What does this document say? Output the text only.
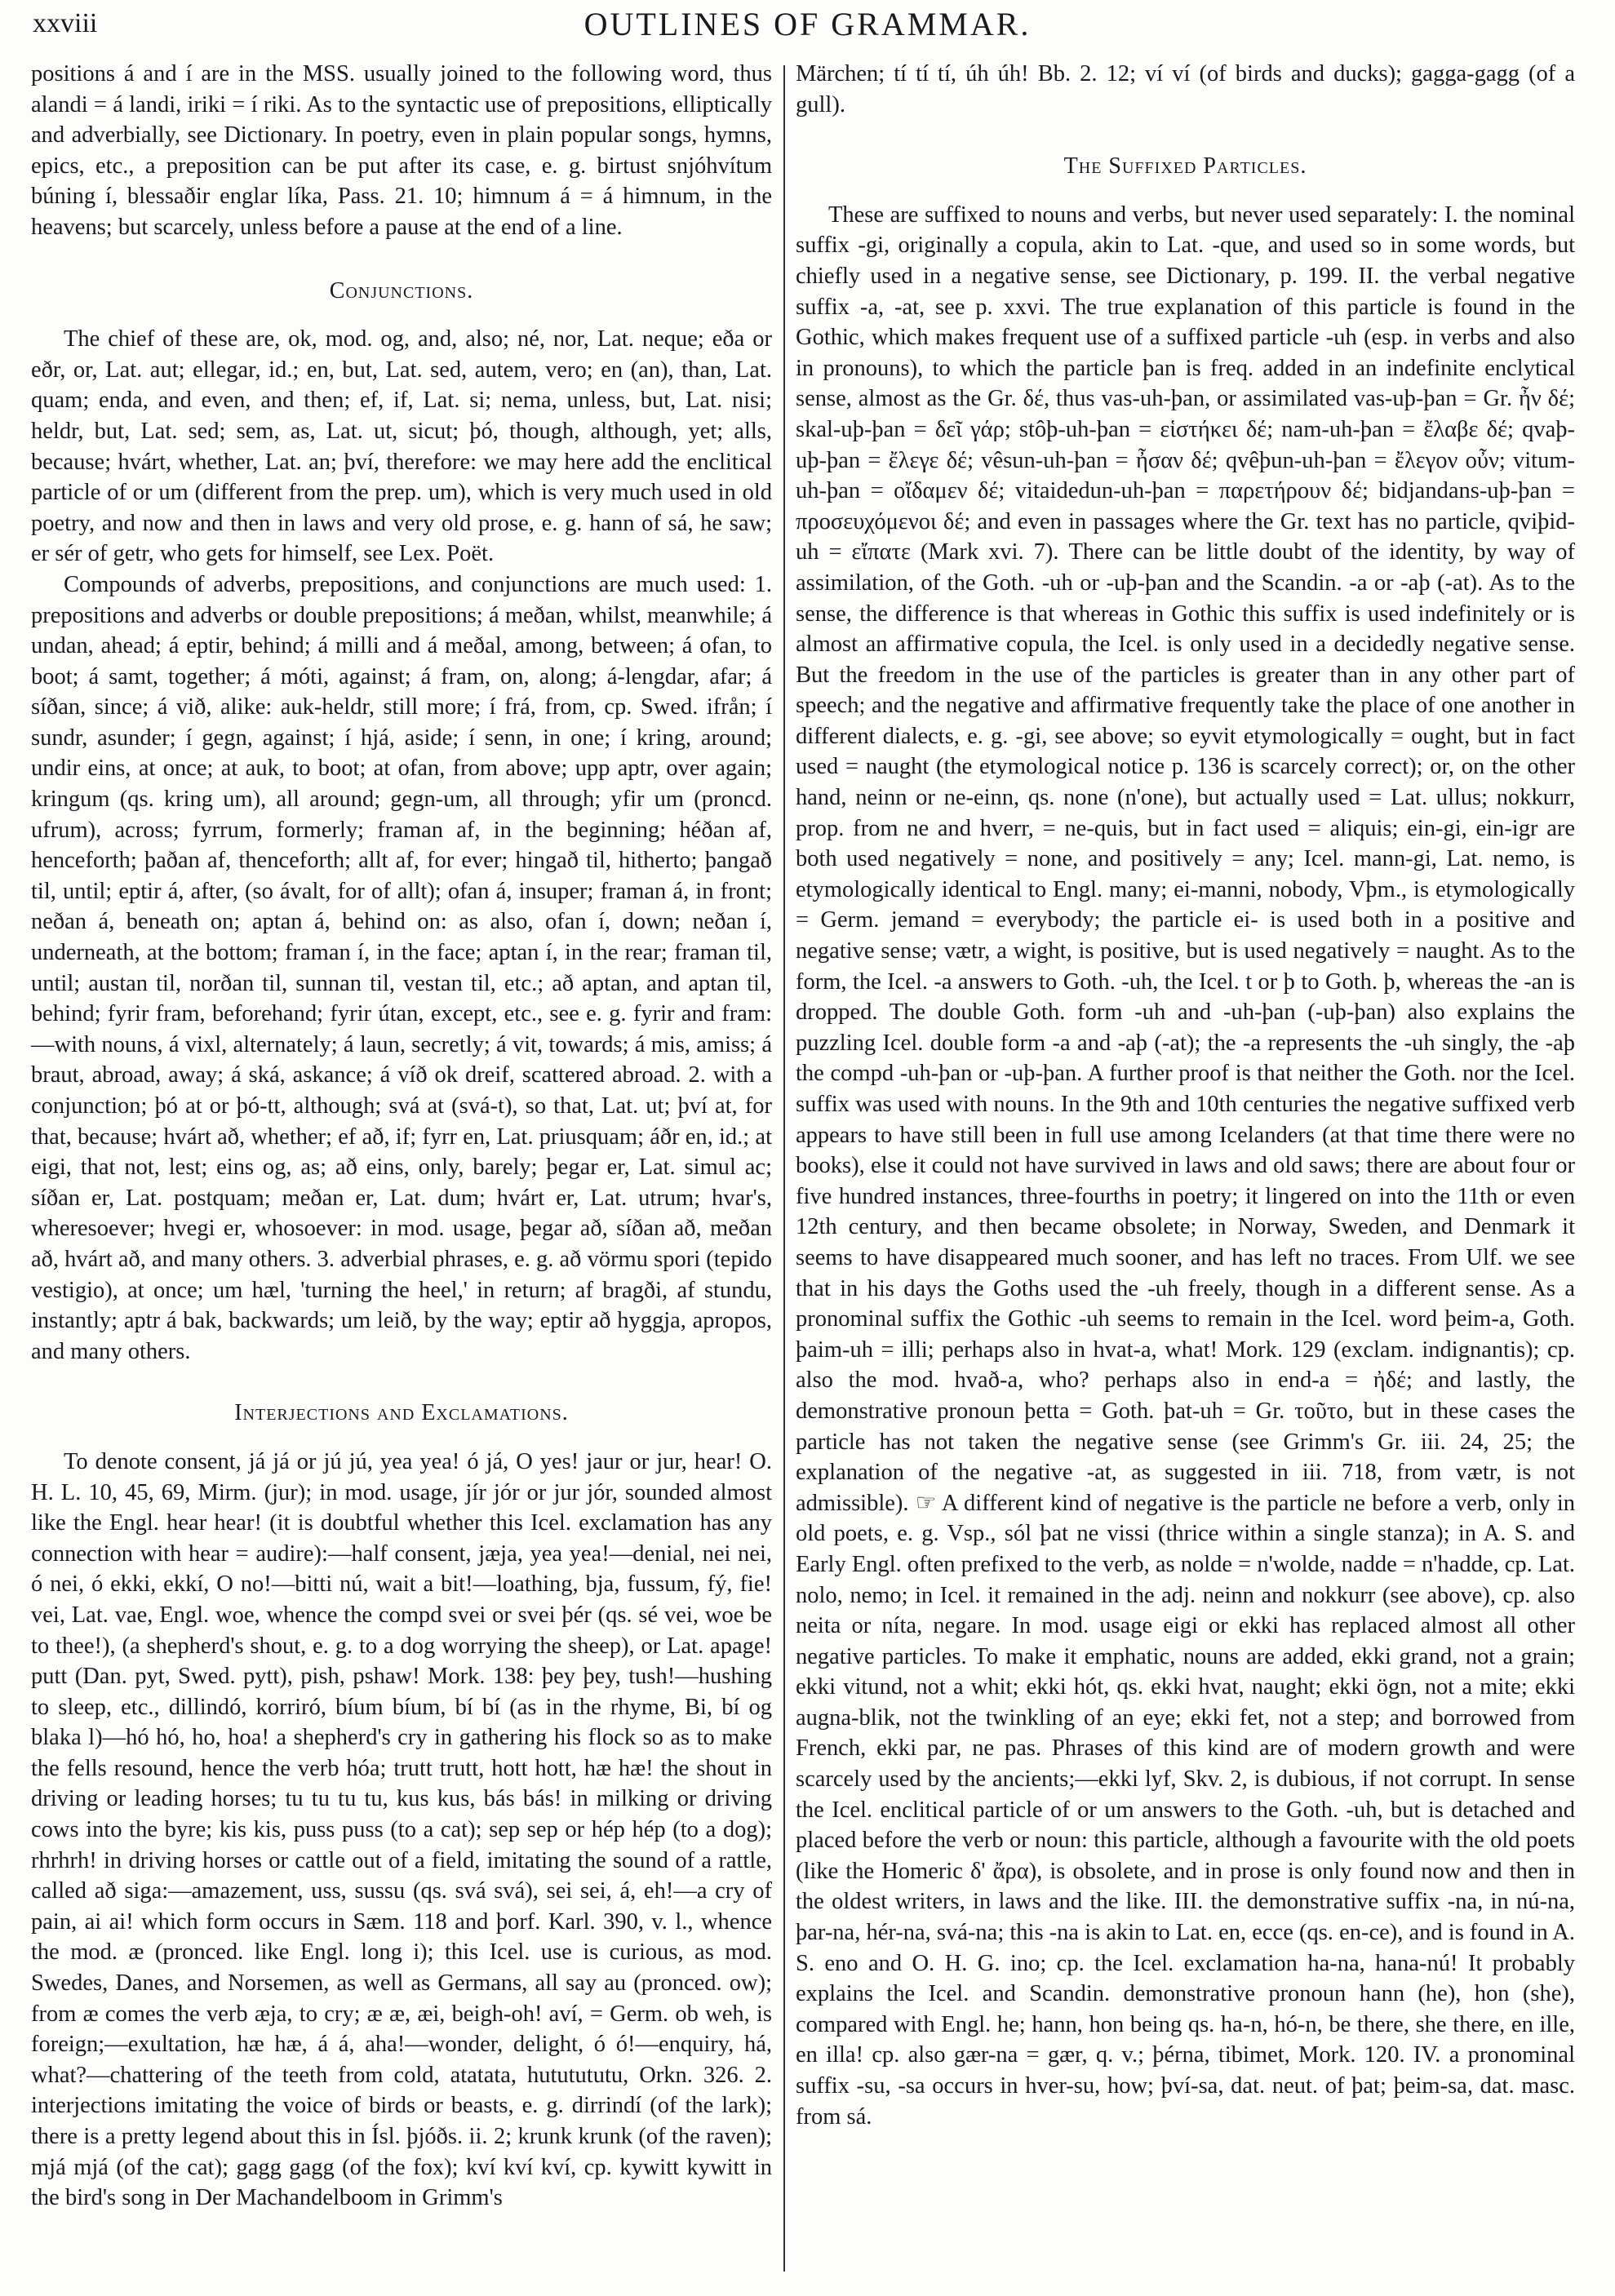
xxviii	OUTLINES OF GRAMMAR.

positions á and í are in the MSS. usually joined to the following word, thus alandi = á landi, iriki = í riki. As to the syntactic use of prepositions, elliptically and adverbially, see Dictionary. In poetry, even in plain popular songs, hymns, epics, etc., a preposition can be put after its case, e. g. birtust snjóhvítum búning í, blessaðir englar líka, Pass. 21. 10; himnum á = á himnum, in the heavens; but scarcely, unless before a pause at the end of a line.

Conjunctions.

The chief of these are, ok, mod. og, and, also; né, nor, Lat. neque; eða or eðr, or, Lat. aut; ellegar, id.; en, but, Lat. sed, autem, vero; en (an), than, Lat. quam; enda, and even, and then; ef, if, Lat. si; nema, unless, but, Lat. nisi; heldr, but, Lat. sed; sem, as, Lat. ut, sicut; þó, though, although, yet; alls, because; hvárt, whether, Lat. an; því, therefore: we may here add the enclitical particle of or um (different from the prep. um), which is very much used in old poetry, and now and then in laws and very old prose, e. g. hann of sá, he saw; er sér of getr, who gets for himself, see Lex. Poët.

Compounds of adverbs, prepositions, and conjunctions are much used: 1. prepositions and adverbs or double prepositions; á meðan, whilst, meanwhile; á undan, ahead; á eptir, behind; á milli and á meðal, among, between; á ofan, to boot; á samt, together; á móti, against; á fram, on, along; á-lengdar, afar; á síðan, since; á við, alike: auk-heldr, still more; í frá, from, cp. Swed. ifrån; í sundr, asunder; í gegn, against; í hjá, aside; í senn, in one; í kring, around; undir eins, at once; at auk, to boot; at ofan, from above; upp aptr, over again; kringum (qs. kring um), all around; gegn-um, all through; yfir um (proncd. ufrum), across; fyrrum, formerly; framan af, in the beginning; héðan af, henceforth; þaðan af, thenceforth; allt af, for ever; hingað til, hitherto; þangað til, until; eptir á, after, (so ávalt, for of allt); ofan á, insuper; framan á, in front; neðan á, beneath on; aptan á, behind on: as also, ofan í, down; neðan í, underneath, at the bottom; framan í, in the face; aptan í, in the rear; framan til, until; austan til, norðan til, sunnan til, vestan til, etc.; að aptan, and aptan til, behind; fyrir fram, beforehand; fyrir útan, except, etc., see e. g. fyrir and fram:—with nouns, á vixl, alternately; á laun, secretly; á vit, towards; á mis, amiss; á braut, abroad, away; á ská, askance; á víð ok dreif, scattered abroad. 2. with a conjunction; þó at or þó-tt, although; svá at (svá-t), so that, Lat. ut; því at, for that, because; hvárt að, whether; ef að, if; fyrr en, Lat. priusquam; áðr en, id.; at eigi, that not, lest; eins og, as; að eins, only, barely; þegar er, Lat. simul ac; síðan er, Lat. postquam; meðan er, Lat. dum; hvárt er, Lat. utrum; hvar's, wheresoever; hvegi er, whosoever: in mod. usage, þegar að, síðan að, meðan að, hvárt að, and many others. 3. adverbial phrases, e. g. að vörmu spori (tepido vestigio), at once; um hæl, 'turning the heel,' in return; af bragði, af stundu, instantly; aptr á bak, backwards; um leið, by the way; eptir að hyggja, apropos, and many others.

Interjections and Exclamations.

To denote consent, já já or jú jú, yea yea! ó já, O yes! jaur or jur, hear! O. H. L. 10, 45, 69, Mirm. (jur); in mod. usage, jír jór or jur jór, sounded almost like the Engl. hear hear! (it is doubtful whether this Icel. exclamation has any connection with hear = audire):—half consent, jæja, yea yea!—denial, nei nei, ó nei, ó ekki, ekkí, O no!—bitti nú, wait a bit!—loathing, bja, fussum, fý, fie! vei, Lat. vae, Engl. woe, whence the compd svei or svei þér (qs. sé vei, woe be to thee!), (a shepherd's shout, e. g. to a dog worrying the sheep), or Lat. apage! putt (Dan. pyt, Swed. pytt), pish, pshaw! Mork. 138: þey þey, tush!—hushing to sleep, etc., dillindó, korriró, bíum bíum, bí bí (as in the rhyme, Bi, bí og blaka l)—hó hó, ho, hoa! a shepherd's cry in gathering his flock so as to make the fells resound, hence the verb hóa; trutt trutt, hott hott, hæ hæ! the shout in driving or leading horses; tu tu tu tu, kus kus, bás bás! in milking or driving cows into the byre; kis kis, puss puss (to a cat); sep sep or hép hép (to a dog); rhrhrh! in driving horses or cattle out of a field, imitating the sound of a rattle, called að siga:—amazement, uss, sussu (qs. svá svá), sei sei, á, eh!—a cry of pain, ai ai! which form occurs in Sæm. 118 and þorf. Karl. 390, v. l., whence the mod. æ (pronced. like Engl. long i); this Icel. use is curious, as mod. Swedes, Danes, and Norsemen, as well as Germans, all say au (pronced. ow); from æ comes the verb æja, to cry; æ æ, æi, beigh-oh! aví, = Germ. ob weh, is foreign;—exultation, hæ hæ, á á, aha!—wonder, delight, ó ó!—enquiry, há, what?—chattering of the teeth from cold, atatata, hututututu, Orkn. 326. 2. interjections imitating the voice of birds or beasts, e. g. dirrindí (of the lark); there is a pretty legend about this in Ísl. þjóðs. ii. 2; krunk krunk (of the raven); mjá mjá (of the cat); gagg gagg (of the fox); kví kví kví, cp. kywitt kywitt in the bird's song in Der Machandelboom in Grimm's

Märchen; tí tí tí, úh úh! Bb. 2. 12; ví ví (of birds and ducks); gagga-gagg (of a gull).

The Suffixed Particles.

These are suffixed to nouns and verbs, but never used separately: I. the nominal suffix -gi, originally a copula, akin to Lat. -que, and used so in some words, but chiefly used in a negative sense, see Dictionary, p. 199. II. the verbal negative suffix -a, -at, see p. xxvi. The true explanation of this particle is found in the Gothic, which makes frequent use of a suffixed particle -uh (esp. in verbs and also in pronouns), to which the particle þan is freq. added in an indefinite enclytical sense, almost as the Gr. δέ, thus vas-uh-þan, or assimilated vas-uþ-þan = Gr. ἦν δέ; skal-uþ-þan = δεῖ γάρ; stôþ-uh-þan = εἱστήκει δέ; nam-uh-þan = ἔλαβε δέ; qvaþ-uþ-þan = ἔλεγε δέ; vêsun-uh-þan = ἦσαν δέ; qvêþun-uh-þan = ἔλεγον οὖν; vitum-uh-þan = οἴδαμεν δέ; vitaidedun-uh-þan = παρετήρουν δέ; bidjandans-uþ-þan = προσευχόμενοι δέ; and even in passages where the Gr. text has no particle, qviþid-uh = εἴπατε (Mark xvi. 7). There can be little doubt of the identity, by way of assimilation, of the Goth. -uh or -uþ-þan and the Scandin. -a or -aþ (-at). As to the sense, the difference is that whereas in Gothic this suffix is used indefinitely or is almost an affirmative copula, the Icel. is only used in a decidedly negative sense. But the freedom in the use of the particles is greater than in any other part of speech; and the negative and affirmative frequently take the place of one another in different dialects, e. g. -gi, see above; so eyvit etymologically = ought, but in fact used = naught (the etymological notice p. 136 is scarcely correct); or, on the other hand, neinn or ne-einn, qs. none (n'one), but actually used = Lat. ullus; nokkurr, prop. from ne and hverr, = ne-quis, but in fact used = aliquis; ein-gi, ein-igr are both used negatively = none, and positively = any; Icel. mann-gi, Lat. nemo, is etymologically identical to Engl. many; ei-manni, nobody, Vþm., is etymologically = Germ. jemand = everybody; the particle ei- is used both in a positive and negative sense; vætr, a wight, is positive, but is used negatively = naught. As to the form, the Icel. -a answers to Goth. -uh, the Icel. t or þ to Goth. þ, whereas the -an is dropped. The double Goth. form -uh and -uh-þan (-uþ-þan) also explains the puzzling Icel. double form -a and -aþ (-at); the -a represents the -uh singly, the -aþ the compd -uh-þan or -uþ-þan. A further proof is that neither the Goth. nor the Icel. suffix was used with nouns. In the 9th and 10th centuries the negative suffixed verb appears to have still been in full use among Icelanders (at that time there were no books), else it could not have survived in laws and old saws; there are about four or five hundred instances, three-fourths in poetry; it lingered on into the 11th or even 12th century, and then became obsolete; in Norway, Sweden, and Denmark it seems to have disappeared much sooner, and has left no traces. From Ulf. we see that in his days the Goths used the -uh freely, though in a different sense. As a pronominal suffix the Gothic -uh seems to remain in the Icel. word þeim-a, Goth. þaim-uh = illi; perhaps also in hvat-a, what! Mork. 129 (exclam. indignantis); cp. also the mod. hvað-a, who? perhaps also in end-a = ἠδέ; and lastly, the demonstrative pronoun þetta = Goth. þat-uh = Gr. τοῦτο, but in these cases the particle has not taken the negative sense (see Grimm's Gr. iii. 24, 25; the explanation of the negative -at, as suggested in iii. 718, from vætr, is not admissible). ☞ A different kind of negative is the particle ne before a verb, only in old poets, e. g. Vsp., sól þat ne vissi (thrice within a single stanza); in A. S. and Early Engl. often prefixed to the verb, as nolde = n'wolde, nadde = n'hadde, cp. Lat. nolo, nemo; in Icel. it remained in the adj. neinn and nokkurr (see above), cp. also neita or níta, negare. In mod. usage eigi or ekki has replaced almost all other negative particles. To make it emphatic, nouns are added, ekki grand, not a grain; ekki vitund, not a whit; ekki hót, qs. ekki hvat, naught; ekki ögn, not a mite; ekki augna-blik, not the twinkling of an eye; ekki fet, not a step; and borrowed from French, ekki par, ne pas. Phrases of this kind are of modern growth and were scarcely used by the ancients;—ekki lyf, Skv. 2, is dubious, if not corrupt. In sense the Icel. enclitical particle of or um answers to the Goth. -uh, but is detached and placed before the verb or noun: this particle, although a favourite with the old poets (like the Homeric δ' ἄρα), is obsolete, and in prose is only found now and then in the oldest writers, in laws and the like. III. the demonstrative suffix -na, in nú-na, þar-na, hér-na, svá-na; this -na is akin to Lat. en, ecce (qs. en-ce), and is found in A. S. eno and O. H. G. ino; cp. the Icel. exclamation ha-na, hana-nú! It probably explains the Icel. and Scandin. demonstrative pronoun hann (he), hon (she), compared with Engl. he; hann, hon being qs. ha-n, hó-n, be there, she there, en ille, en illa! cp. also gær-na = gær, q. v.; þérna, tibimet, Mork. 120. IV. a pronominal suffix -su, -sa occurs in hver-su, how; því-sa, dat. neut. of þat; þeim-sa, dat. masc. from sá.
